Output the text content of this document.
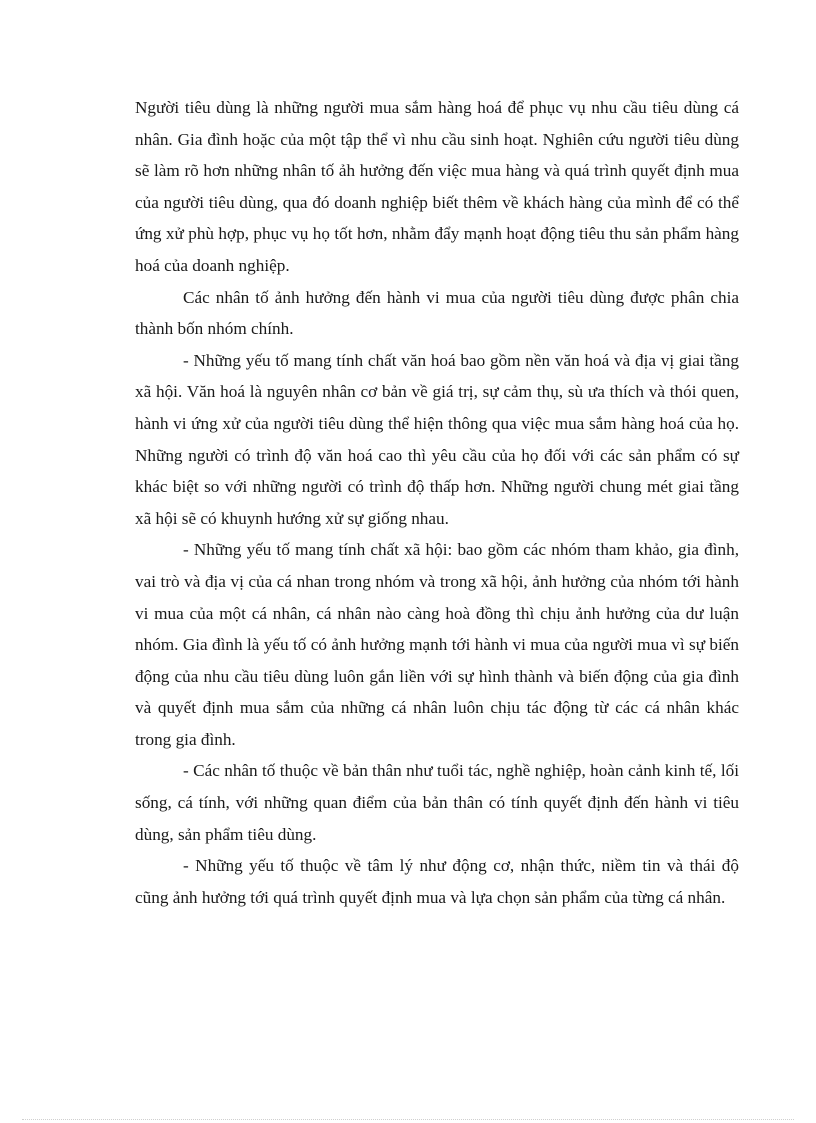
Người tiêu dùng là những người mua sắm hàng hoá để phục vụ nhu cầu tiêu dùng cá nhân. Gia đình hoặc của một tập thể vì nhu cầu sinh hoạt. Nghiên cứu người tiêu dùng sẽ làm rõ hơn những nhân tố ảh hưởng đến việc mua hàng và quá trình quyết định mua của người tiêu dùng, qua đó doanh nghiệp biết thêm về khách hàng của mình để có thể ứng xử phù hợp, phục vụ họ tốt hơn, nhằm đẩy mạnh hoạt động tiêu thu sản phẩm hàng hoá của doanh nghiệp.

Các nhân tố ảnh hưởng đến hành vi mua của người tiêu dùng được phân chia thành bốn nhóm chính.

- Những yếu tố mang tính chất văn hoá bao gồm nền văn hoá và địa vị giai tầng xã hội. Văn hoá là nguyên nhân cơ bản về giá trị, sự cảm thụ, sù ưa thích và thói quen, hành vi ứng xử của người tiêu dùng thể hiện thông qua việc mua sắm hàng hoá của họ. Những người có trình độ văn hoá cao thì yêu cầu của họ đối với các sản phẩm có sự khác biệt so với những người có trình độ thấp hơn. Những người chung mét giai tầng xã hội sẽ có khuynh hướng xử sự giống nhau.

- Những yếu tố mang tính chất xã hội: bao gồm các nhóm tham khảo, gia đình, vai trò và địa vị của cá nhan trong nhóm và trong xã hội, ảnh hưởng của nhóm tới hành vi mua của một cá nhân, cá nhân nào càng hoà đồng thì chịu ảnh hưởng của dư luận nhóm. Gia đình là yếu tố có ảnh hưởng mạnh tới hành vi mua của người mua vì sự biến động của nhu cầu tiêu dùng luôn gắn liền với sự hình thành và biến động của gia đình và quyết định mua sắm của những cá nhân luôn chịu tác động từ các cá nhân khác trong gia đình.

- Các nhân tố thuộc về bản thân như tuổi tác, nghề nghiệp, hoàn cảnh kinh tế, lối sống, cá tính, với những quan điểm của bản thân có tính quyết định đến hành vi tiêu dùng, sản phẩm tiêu dùng.

- Những yếu tố thuộc về tâm lý như động cơ, nhận thức, niềm tin và thái độ cũng ảnh hưởng tới quá trình quyết định mua và lựa chọn sản phẩm của từng cá nhân.
